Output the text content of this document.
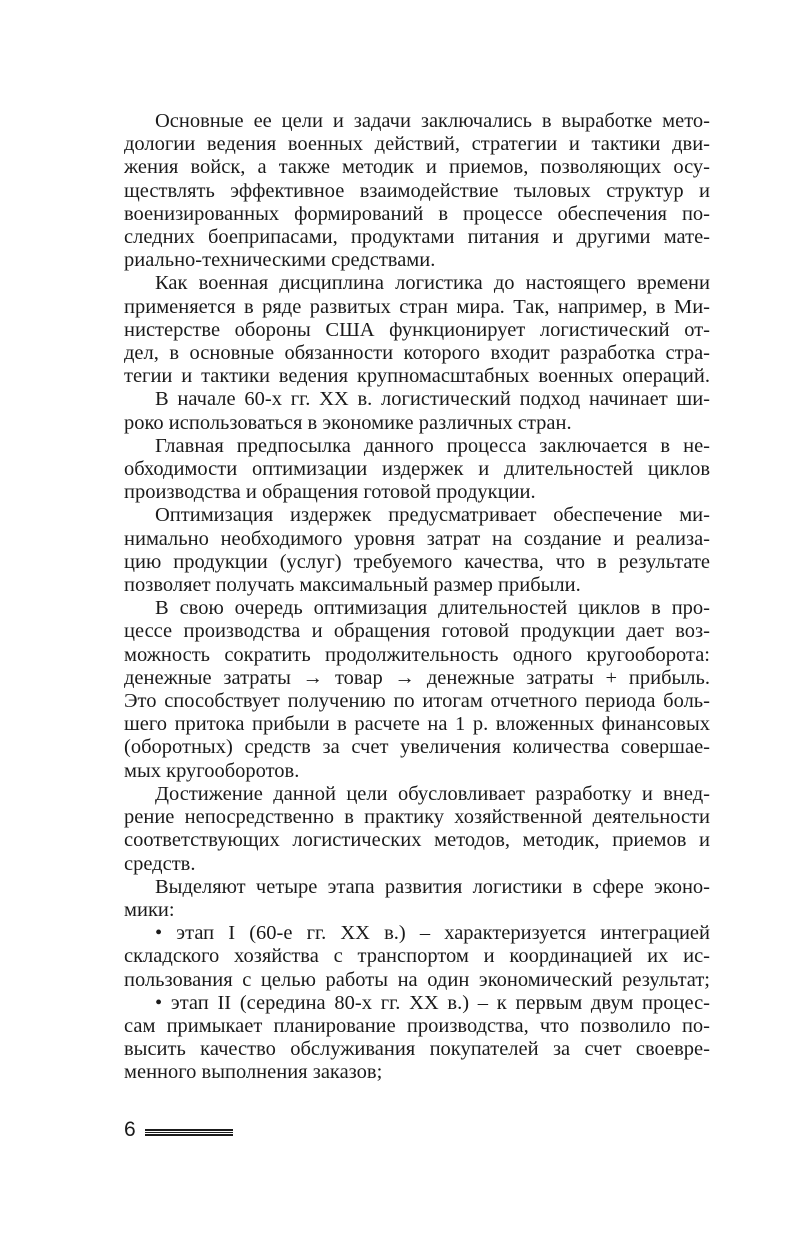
Основные ее цели и задачи заключались в выработке мето-
дологии ведения военных действий, стратегии и тактики дви-
жения войск, а также методик и приемов, позволяющих осу-
ществлять эффективное взаимодействие тыловых структур и
военизированных формирований в процессе обеспечения по-
следних боеприпасами, продуктами питания и другими мате-
риально-техническими средствами.

Как военная дисциплина логистика до настоящего времени
применяется в ряде развитых стран мира. Так, например, в Ми-
нистерстве обороны США функционирует логистический от-
дел, в основные обязанности которого входит разработка стра-
тегии и тактики ведения крупномасштабных военных операций.

В начале 60-х гг. XX в. логистический подход начинает ши-
роко использоваться в экономике различных стран.

Главная предпосылка данного процесса заключается в не-
обходимости оптимизации издержек и длительностей циклов
производства и обращения готовой продукции.

Оптимизация издержек предусматривает обеспечение ми-
нимально необходимого уровня затрат на создание и реализа-
цию продукции (услуг) требуемого качества, что в результате
позволяет получать максимальный размер прибыли.

В свою очередь оптимизация длительностей циклов в про-
цессе производства и обращения готовой продукции дает воз-
можность сократить продолжительность одного кругооборота:
денежные затраты → товар → денежные затраты + прибыль.
Это способствует получению по итогам отчетного периода боль-
шего притока прибыли в расчете на 1 р. вложенных финансовых
(оборотных) средств за счет увеличения количества совершае-
мых кругооборотов.

Достижение данной цели обусловливает разработку и внед-
рение непосредственно в практику хозяйственной деятельности
соответствующих логистических методов, методик, приемов и
средств.

Выделяют четыре этапа развития логистики в сфере эконо-
мики:

• этап I (60-е гг. XX в.) – характеризуется интеграцией
складского хозяйства с транспортом и координацией их ис-
пользования с целью работы на один экономический результат;

• этап II (середина 80-х гг. XX в.) – к первым двум процес-
сам примыкает планирование производства, что позволило по-
высить качество обслуживания покупателей за счет своевре-
менного выполнения заказов;

6
